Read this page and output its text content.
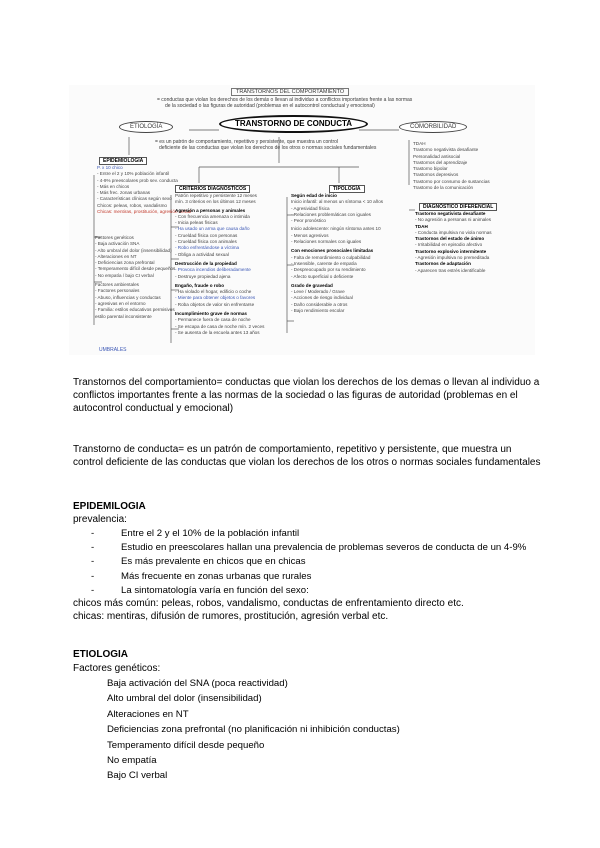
TRANSTORNOS DEL COMPORTAMIENTO
= conductas que violan los derechos de los demás o llevan al individuo a conflictos importantes frente a las normas
de la sociedad o las figuras de autoridad (problemas en el autocontrol conductual y emocional)
ETIOLOGÍA	TRANSTORNO DE CONDUCTA	COMORBILIDAD
= es un patrón de comportamiento, repetitivo y persistente, que muestra un control
deficiente de las conductas que violan los derechos de los otros o normas sociales fundamentales
EPIDEMIOLOGÍA
P. x 10 chico
- Entre el 2 y 10% población infantil
- 4-9% preescolares prob sev. conducta
- Más en chicos
- Más frec. zonas urbanas
- Características clínicas según sexo
Chicos: peleas, robos, vandalismo
Chicas: mentiras, prostitución, agresión verbal
Factores genéticos
- Baja activación SNA
- Alto umbral del dolor (insensibilidad)
- Alteraciones en NT
- Deficiencias zona prefrontal
- Temperamento difícil desde pequeños
- No empatía / bajo CI verbal
Factores ambientales
- Factores personales
- Abuso, influencias y conductas
- agresivas en el entorno
- Familia: estilos educativos permisivos
estilo parental inconsistente
UMBRALES
CRITERIOS DIAGNÓSTICOS
Patrón repetitivo y persistente 12 meses
mín. 3 criterios en los últimos 12 meses
Agresión a personas y animales
- Con frecuencia amenaza o intimida
- Inicia peleas físicas
- Ha usado un arma que causa daño
- Crueldad física con personas
- Crueldad física con animales
- Robo enfrentándose a víctima
- Obliga a actividad sexual
Destrucción de la propiedad
- Provoca incendios deliberadamente
- Destruye propiedad ajena
Engaño, fraude o robo
- Ha violado el hogar, edificio o coche
- Miente para obtener objetos o favores
- Roba objetos de valor sin enfrentarse
Incumplimiento grave de normas
- Permanece fuera de casa de noche
- Se escapa de casa de noche mín. 2 veces
- Se ausenta de la escuela antes 13 años
TIPOLOGÍA
Según edad de inicio
Inicio infantil: al menos un síntoma < 10 años
- Agresividad física
- Relaciones problemáticas con iguales
- Peor pronóstico
Inicio adolescente: ningún síntoma antes 10
- Menos agresivos
- Relaciones normales con iguales
Con emociones prosociales limitadas
- Falta de remordimiento o culpabilidad
- Insensible, carente de empatía
- Despreocupado por su rendimiento
- Afecto superficial o deficiente
Grado de gravedad
- Leve / Moderado / Grave
- Acciones de riesgo individual
- Daño considerable a otros
- Bajo rendimiento escolar
TDAH
Trastorno negativista desafiante
Personalidad antisocial
Trastornos del aprendizaje
Trastorno bipolar
Trastornos depresivos
Trastorno por consumo de sustancias
Trastorno de la comunicación
DIAGNÓSTICO DIFERENCIAL
Trastorno negativista desafiante
- No agresión a personas ni animales
TDAH
- Conducta impulsiva no viola normas
Trastornos del estado de ánimo
- Irritabilidad en episodio afectivo
Trastorno explosivo intermitente
- Agresión impulsiva no premeditada
Trastornos de adaptación
- Aparecen tras estrés identificable

Transtornos del comportamiento= conductas que violan los derechos de los demas o llevan al individuo a conflictos importantes frente a las normas de la sociedad o las figuras de autoridad (problemas en el autocontrol conductual y emocional)

Transtorno de conducta= es un patrón de comportamiento, repetitivo y persistente, que muestra un control deficiente de las conductas que violan los derechos de los otros o normas sociales fundamentales

EPIDEMILOGIA
prevalencia:
-	Entre el 2 y el 10% de la población infantil
-	Estudio en preescolares hallan una prevalencia de problemas severos de conducta de un 4-9%
-	Es más prevalente en chicos que en chicas
-	Más frecuente en zonas urbanas que rurales
-	La sintomatología varía en función del sexo:
chicos más común: peleas, robos, vandalismo, conductas de enfrentamiento directo etc.
chicas: mentiras, difusión de rumores, prostitución, agresión verbal etc.
ETIOLOGIA
Factores genéticos:
Baja activación del SNA (poca reactividad)
Alto umbral del dolor (insensibilidad)
Alteraciones en NT
Deficiencias zona prefrontal (no planificación ni inhibición conductas)
Temperamento difícil desde pequeño
No empatía
Bajo CI verbal
